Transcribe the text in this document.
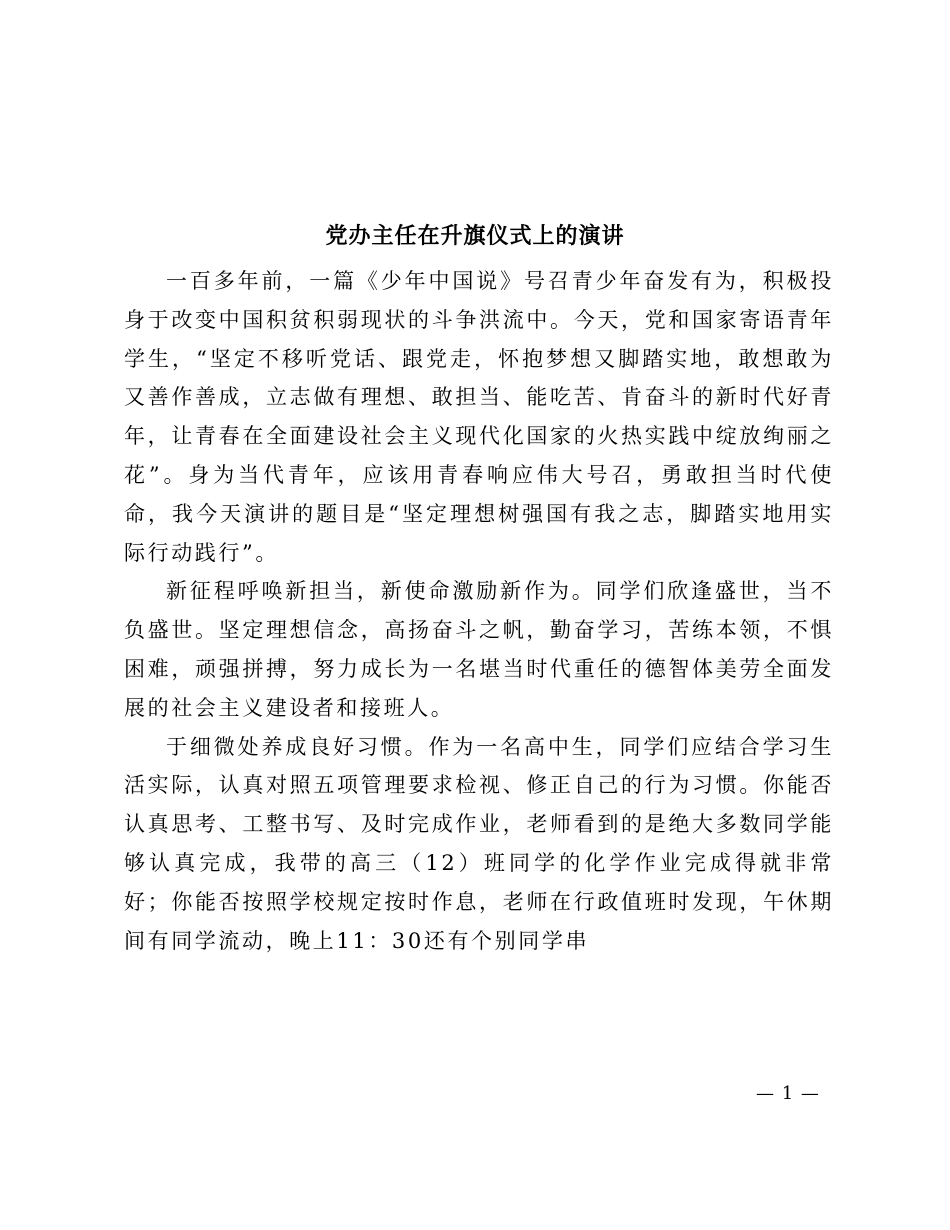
党办主任在升旗仪式上的演讲

一百多年前，一篇《少年中国说》号召青少年奋发有为，积极投身于改变中国积贫积弱现状的斗争洪流中。今天，党和国家寄语青年学生，“坚定不移听党话、跟党走，怀抱梦想又脚踏实地，敢想敢为又善作善成，立志做有理想、敢担当、能吃苦、肯奋斗的新时代好青年，让青春在全面建设社会主义现代化国家的火热实践中绽放绚丽之花”。身为当代青年，应该用青春响应伟大号召，勇敢担当时代使命，我今天演讲的题目是“坚定理想树强国有我之志，脚踏实地用实际行动践行”。

新征程呼唤新担当，新使命激励新作为。同学们欣逢盛世，当不负盛世。坚定理想信念，高扬奋斗之帆，勤奋学习，苦练本领，不惧困难，顽强拼搏，努力成长为一名堪当时代重任的德智体美劳全面发展的社会主义建设者和接班人。

于细微处养成良好习惯。作为一名高中生，同学们应结合学习生活实际，认真对照五项管理要求检视、修正自己的行为习惯。你能否认真思考、工整书写、及时完成作业，老师看到的是绝大多数同学能够认真完成，我带的高三（12）班同学的化学作业完成得就非常好；你能否按照学校规定按时作息，老师在行政值班时发现，午休期间有同学流动，晚上11：30还有个别同学串

— 1 —
